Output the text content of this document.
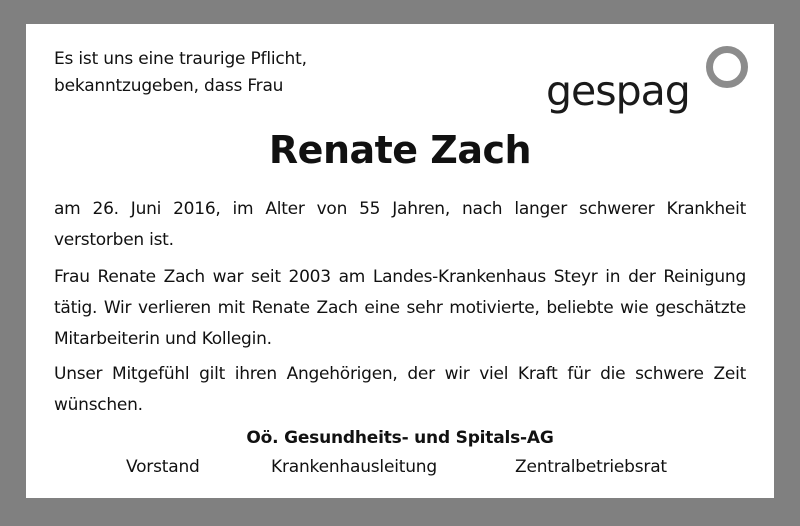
Es ist uns eine traurige Pflicht,
bekanntzugeben, dass Frau	gespag
Renate Zach
am 26. Juni 2016, im Alter von 55 Jahren, nach langer schwerer Krankheit verstorben ist.
Frau Renate Zach war seit 2003 am Landes-Krankenhaus Steyr in der Reinigung tätig. Wir verlieren mit Renate Zach eine sehr motivierte, beliebte wie geschätzte Mitarbeiterin und Kollegin.
Unser Mitgefühl gilt ihren Angehörigen, der wir viel Kraft für die schwere Zeit wünschen.
Oö. Gesundheits- und Spitals-AG
Vorstand	Krankenhausleitung	Zentralbetriebsrat
